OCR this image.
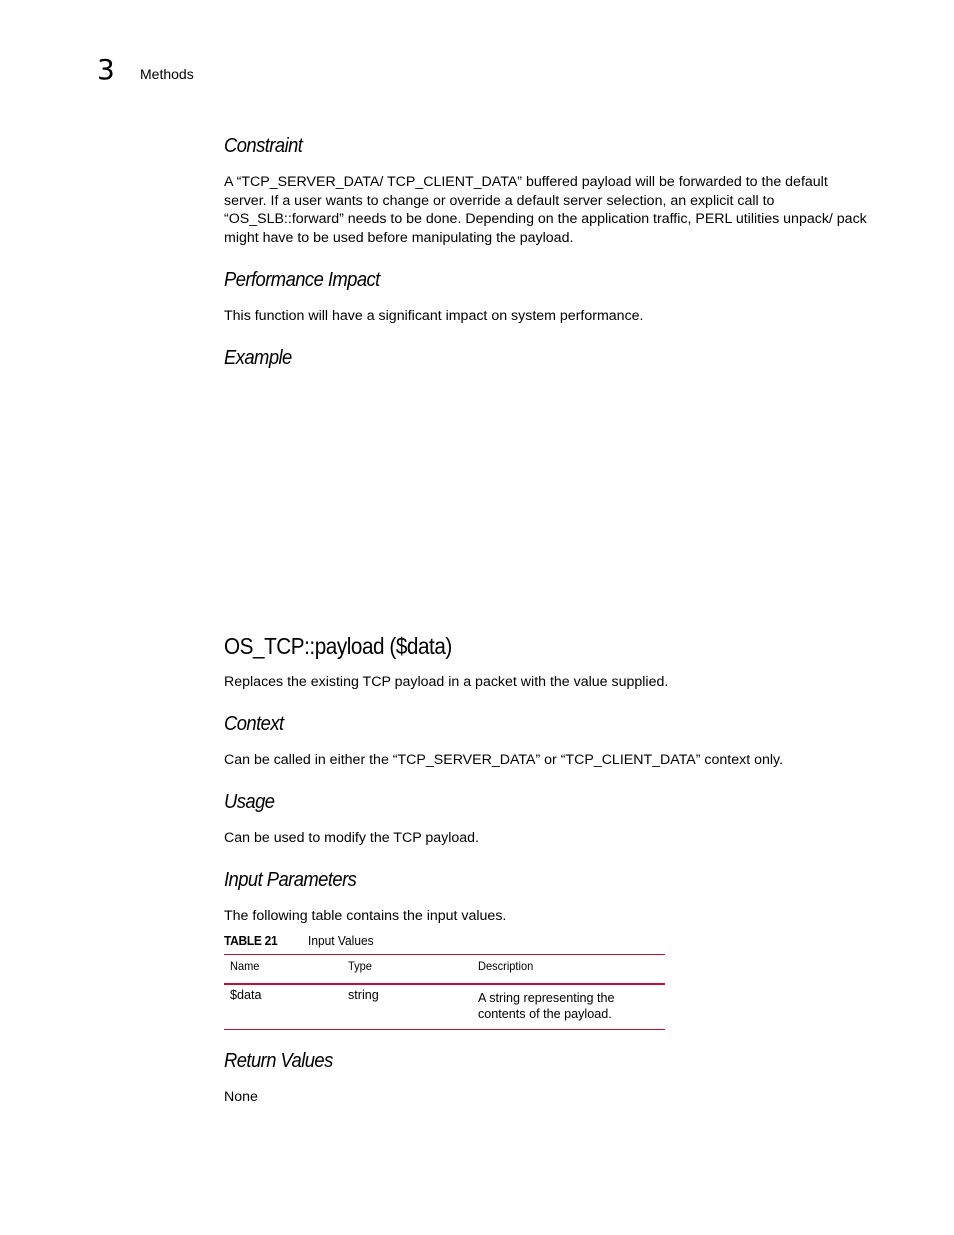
3 Methods
Constraint

A “TCP_SERVER_DATA/ TCP_CLIENT_DATA” buffered payload will be forwarded to the default server. If a user wants to change or override a default server selection, an explicit call to “OS_SLB::forward” needs to be done. Depending on the application traffic, PERL utilities unpack/ pack might have to be used before manipulating the payload.

Performance Impact

This function will have a significant impact on system performance.

Example
OS_TCP::payload ($data)

Replaces the existing TCP payload in a packet with the value supplied.

Context

Can be called in either the “TCP_SERVER_DATA” or “TCP_CLIENT_DATA” context only.

Usage

Can be used to modify the TCP payload.

Input Parameters

The following table contains the input values.

TABLE 21 Input Values
Name	Type	Description
$data	string	A string representing the contents of the payload.
Return Values

None
